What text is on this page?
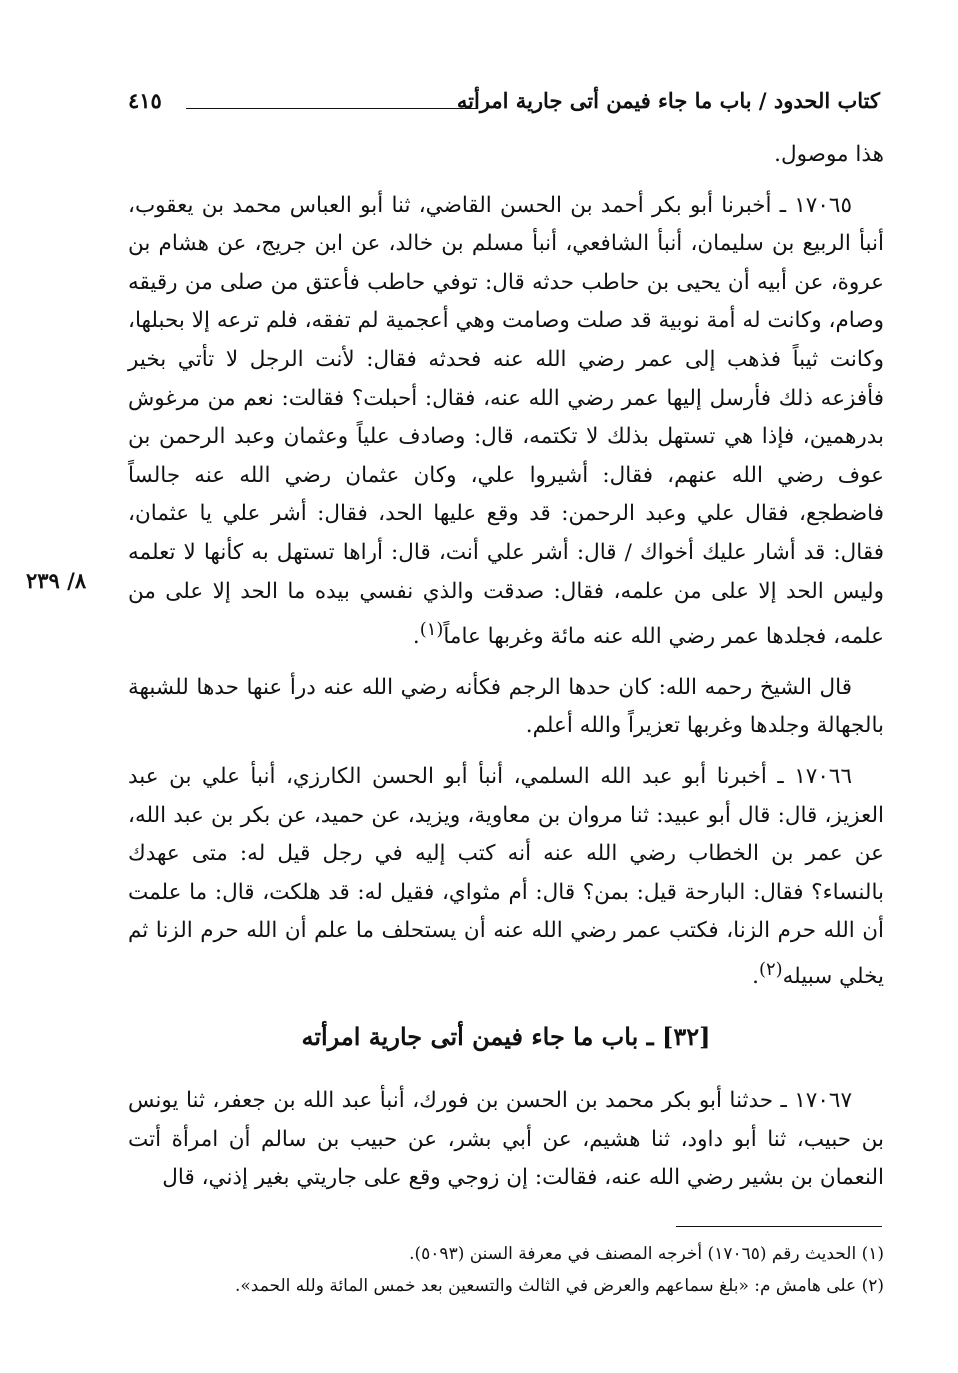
كتاب الحدود / باب ما جاء فيمن أتى جارية امرأته
٤١٥
٨/ ٢٣٩

هذا موصول.

١٧٠٦٥ ـ أخبرنا أبو بكر أحمد بن الحسن القاضي، ثنا أبو العباس محمد بن يعقوب، أنبأ الربيع بن سليمان، أنبأ الشافعي، أنبأ مسلم بن خالد، عن ابن جريج، عن هشام بن عروة، عن أبيه أن يحيى بن حاطب حدثه قال: توفي حاطب فأعتق من صلى من رقيقه وصام، وكانت له أمة نوبية قد صلت وصامت وهي أعجمية لم تفقه، فلم ترعه إلا بحبلها، وكانت ثيباً فذهب إلى عمر رضي الله عنه فحدثه فقال: لأنت الرجل لا تأتي بخير فأفزعه ذلك فأرسل إليها عمر رضي الله عنه، فقال: أحبلت؟ فقالت: نعم من مرغوش بدرهمين، فإذا هي تستهل بذلك لا تكتمه، قال: وصادف علياً وعثمان وعبد الرحمن بن عوف رضي الله عنهم، فقال: أشيروا علي، وكان عثمان رضي الله عنه جالساً فاضطجع، فقال علي وعبد الرحمن: قد وقع عليها الحد، فقال: أشر علي يا عثمان، فقال: قد أشار عليك أخواك / قال: أشر علي أنت، قال: أراها تستهل به كأنها لا تعلمه وليس الحد إلا على من علمه، فقال: صدقت والذي نفسي بيده ما الحد إلا على من علمه، فجلدها عمر رضي الله عنه مائة وغربها عاماً$^{(١)}$.

قال الشيخ رحمه الله: كان حدها الرجم فكأنه رضي الله عنه درأ عنها حدها للشبهة بالجهالة وجلدها وغربها تعزيراً والله أعلم.

١٧٠٦٦ ـ أخبرنا أبو عبد الله السلمي، أنبأ أبو الحسن الكارزي، أنبأ علي بن عبد العزيز، قال: قال أبو عبيد: ثنا مروان بن معاوية، ويزيد، عن حميد، عن بكر بن عبد الله، عن عمر بن الخطاب رضي الله عنه أنه كتب إليه في رجل قيل له: متى عهدك بالنساء؟ فقال: البارحة قيل: بمن؟ قال: أم مثواي، فقيل له: قد هلكت، قال: ما علمت أن الله حرم الزنا، فكتب عمر رضي الله عنه أن يستحلف ما علم أن الله حرم الزنا ثم يخلي سبيله$^{(٢)}$.

[٣٢] ـ باب ما جاء فيمن أتى جارية امرأته

١٧٠٦٧ ـ حدثنا أبو بكر محمد بن الحسن بن فورك، أنبأ عبد الله بن جعفر، ثنا يونس بن حبيب، ثنا أبو داود، ثنا هشيم، عن أبي بشر، عن حبيب بن سالم أن امرأة أتت النعمان بن بشير رضي الله عنه، فقالت: إن زوجي وقع على جاريتي بغير إذني، قال

(١) الحديث رقم (١٧٠٦٥) أخرجه المصنف في معرفة السنن (٥٠٩٣).
(٢) على هامش م: «بلغ سماعهم والعرض في الثالث والتسعين بعد خمس المائة ولله الحمد».
